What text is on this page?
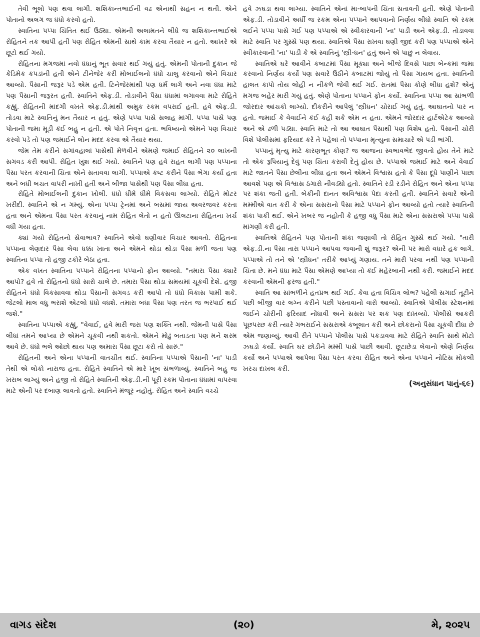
તેવી ભૂલો પણ થવા લાગી. શશિકાન્તભાઈની વઢ એનાથી સહન ન થતી. એને પોતાનો અલગ જ ધંધો કરવો હતો.

સ્વાતિના પપ્પા ચિંતિત થઈ ઉઠ્યા. એમની અલામતને લીધે જ શશિકાન્તભાઈએ રોહિતને તક આપી હતી પણ રોહિત એમની સાથે કામ કરવા તૈયાર ન હતો. આખરે એ છૂટો થઈ ગયો.

રોહિતના મગજમાં નવો ધંધાનું ભૂત સવાર થઈ ગયું હતું. એમની પોતાની દુકાન જે કેડિમેક કપડાંની હતી એને ટીનેજેર કરી મોબાઈલનો ધંધો ચાલુ કરવાનો એને વિચાર આવ્યો. પૈસાની જરૂર પડે એમ હતી. ટિનેજેરમાંથી પણ ધર્મ લાગે અને નવા ધંધા માટે પણ પૈસાની જરૂરત હતી. સ્વાતિને એફ.ડી. તોડાવીને પૈસા ધંધામાં લગાવવા માટે રોહિતે કહ્યું. રોહિતની માંદગી વખતે એફ.ડી.માંથી અમુક રકમ વપરાઈ હતી. હવે એફ.ડી. તોડવા માટે સ્વાતિનું મન તૈયાર ન હતું. એણે પપ્પા પાસે સલાહ માંગી. પપ્પા પાસે પણ પોતાની જમા મૂડી કંઈ બહુ ન હતી. એ પોતે નિવૃત્ત હતા. ભવિષ્યનો એમને પણ વિચાર કરવો પડે તો પણ જમાઈને લોન મદદ કરવા એ તૈયાર થયા.

જેમ તેમ કરીને સગાંવહાલાં પાસેથી મેળવીને એમણે જમાઈ રોહિતને ૨૦ લાખની સગવડ કરી આપી. રોહિત ખુશ થઈ ગયો. સ્વાતિને પણ હવે રાહત લાગી પણ પપ્પાના પૈસા પરત કરવાની ચિંતા એને સતાવવા લાગી. પપ્પાએ કષ્ટ કરીને પૈસા ભેગા કર્યા હતા અને બધી બચત વાપરી નાખી હતી અને બીજા પાસેથી પણ પૈસા લીધા હતા.

રોહિતે મોબાઈલની દુકાન ખોલી. ધંધો ધીમે ધીમે વિકસવા લાગ્યો. રોહિતે મોટર ખરીદી. સ્વાતિને એ ન ગમ્યું. એના પપ્પા ટ્રેનમાં અને બસમાં જાય અવરજવર કરતા હતા અને એમના પૈસા પરત કરવાનું નામ રોહિત લેતો ન હતો ઊલટાના રોહિતના ખર્ચ વધી ગયા હતા.

ક્યાં ગયો રોહિતનો સેવાભાવ? સ્વાતિને એવો ઘણીવાર વિચાર આવતો. રોહિતના પપ્પાના લેણદાર પૈસા લેવા ધક્કા ખાતા અને એમને થોડા થોડા પૈસા મળી જતા પણ સ્વાતિના પપ્પા તો હજી ટકોરે બેઠા હતા.

એક વખત સ્વાતિના પપ્પાને રોહિતના પપ્પાનો ફોન આવ્યો. "તમારા પૈસા ક્યારે આપો? હવે તો રોહિતનો ધંધો સારો ચાલે છે. તમારા પૈસા થોડા સમયમાં ચૂકવી દેશે. હજી રોહિતને ધંધો વિકસાવવા થોડા પૈસાની સગવડ કરી આપો તો ધંધો વિકાસ પામી શકે. જેટલો માલ વધુ ભરાશે એટલો ધંધો વધશે. તમારા બધા પૈસા પણ તરત જ ભરપાઈ થઈ જશે."

સ્વાતિના પપ્પાએ કહ્યું, "વેવાઈ, હવે મારી જરા પણ શક્તિ નથી. જેમની પાસે પૈસા લીધાં તમને આપ્યા છે એમને ચૂકવી નથી શકતો. એમને મોઢું બતાડતા પણ મને શરમ આવે છે. ધંધો ભલે ઓછો થાય પણ અમારા પૈસા છૂટા કરો તો સારું."

રોહિતની અને એના પપ્પાની વાતચીત થઈ. સ્વાતિના પપ્પાએ પૈસાની 'ના' પાડી તેથી એ લોકો નારાજ હતા. રોહિતે સ્વાતિને એ મારે ખૂબ સંભળાવ્યું. સ્વાતિને બહુ જ ખરાબ લાગ્યું અને હજી તો રોહિતે સ્વાતિની એફ.ડી.ની પૂરી રકમ પોતાના ધંધામાં વાપરવા માટે એની પર દબાણ લાવતો હતો. સ્વાતિને મંજૂર નહોતું. રોહિત અને સ્વાતિ વચ્ચે

હવે ઝઘડા થવા લાગ્યા. સ્વાતિને એનાં મા-બાપની ચિંતા સતાવતી હતી. એણે પોતાની એફ.ડી. તોડાવીને અર્ધી જ રકમ એના પપ્પાને આપવાનો નિર્ણય લીધો સ્વાતિ એ રકમ લઈને પપ્પા પાસે ગઈ પણ પપ્પાએ એ સ્વીકારવાની 'ના' પાડી અને એફ.ડી. તોડાવવા માટે સ્વાતિ પર ગુસ્સે પણ થયા. સ્વાતિએ પૈસા રાખવા ઘણી જીદ કરી પણ પપ્પાએ એને સ્વીકારવાની 'ના' પાડી કે એ સ્વાતિનું 'સ્ત્રી-ધન' હતું અને એ પાછું ન લેવાય.

સ્વાતિએ ઘરે આવીને કબાટમાં પૈસા મૂક્યા અને બીજે દિવસે પાછા બેન્કમાં જમા કરવાનો નિર્ણય કર્યો પણ સવારે ઉઠીને કબાટમાં જોયું તો પૈસા ગાયબ હતા. સ્વાતિની હાલત કાપો તોય લોહી ન નીકળે જેવી થઈ ગઈ. રાતમાં પૈસા કોણે લીધા હશે? એનું મગજ બહેર મારી ગયું હતું. એણે પોતાના પપ્પાને ફોન કર્યો. સ્વાતિના પપ્પા આ સાંભળી જોરદાર આંચકો લાગ્યો. દીકરીને આપેલું 'સ્ત્રીધન' ચોરાઈ ગયું હતું. આઘાતનો પાર ન હતો. જમાઈ કે વેવાઈને કંઈ કહી શકે એમ ન હતા. એમને જોરદાર હાર્ટએટેક આવ્યો અને એ ઢળી પડ્યા. સ્વાતિ માટે તો આ આઘાત પૈસાથી પણ વિશેષ હતો. પૈસાની ચોરી વિશે પોલીસમાં ફરિયાદ કરે તે પહેલાં તો પપ્પાના મૃત્યુના સમાચારે એ પડી ભાંગી.

પપ્પાનું મૃત્યુ માટે કારણભૂત કોણ? જ આજના સ્વભાવભેદ જીવતો હોય તેને માટે તો એક રૂપિયાનું દેવું પણ ચિંતા કરાવી દેતું હોય છે. પપ્પાએ જમાઈ માટે અને વેવાઈ માટે જાતને પૈસા છેલીના લીધા હતા અને એમને વિશ્વાસ હતો કે પૈસા દૂધે પાણીને પાછા આવશે પણ એ વિશ્વાસ ઠગારો નીવડ્યો હતો. સ્વાતિને રડી રડીને રોહિત અને એના પપ્પા પર શંકા જતી હતી. બેકીની દાનત અવિશ્વાસ પેદા કરતી હતી. સ્વાતિને સવારે એની મમ્મીએ વાત કરી કે એના સસરાનો પૈસા માટે પપ્પાને ફોન આવ્યો હતો ત્યારે સ્વાતિની શંકા પાકી થઈ. એને ખબર જ નહોતી કે હજી વધુ પૈસા માટે એના સસરાએ પપ્પા પાસે માંગણી કરી હતી.

સ્વાતિએ રોહિતને પણ પોતાની શંકા જણાવી તો રોહિત ગુસ્સે થઈ ગયો. "તારી એફ.ડી.ના પૈસા તારા પપ્પાને આપવા જવાની શું જરૂર? એની પર મારો વધારે હક લાગે. પપ્પાએ તો તને એ 'સ્ત્રીધન' તરીકે આપ્યું ગણાય. તને મારી પરવા નથી પણ પપ્પાની ચિંતા છે. મને ધંધા માટે પૈસા એમણે આપ્યા તો કંઈ મહેરબાની નથી કરી. જમાઈને મદદ કરવાની એમની ફરજ હતી."

સ્વાતિ આ સાંભળીને હતપ્રભ થઈ ગઈ. કેવા હતા વિચિત્ર લોભ? પહેલી સગાઈ તૂટીને પછી બીજી વાર લગ્ન કરીને પછી પસ્તાવાનો વારો આવ્યો. સ્વાતિએ પોલીસ સ્ટેશનમાં જઈને ચોરીની ફરિયાદ નોંધાવી અને સસરા પર શક પણ દાખવ્યો. પોલીસે આકરી પૂછપરછ કરી ત્યારે ગભરાઈને સસરાએ કબૂલાત કરી અને છોકરાનો પૈસા ચૂકવી દીધા છે એમ જણાવ્યું. આવી રીતે પપ્પાને પોલીસ પાસે પકડાવવા માટે રોહિતે સ્વાતિ સાથે મોટો ઝઘડો કર્યો. સ્વાતિ ઘર છોડીને મમ્મી પાસે પાછી આવી. છૂટાછેડા લેવાનો એણે નિર્ણય કર્યો અને પપ્પાએ આપેલા પૈસા પરત કરવા રોહિત અને એના પપ્પાને નોટિસ મોકલી ખરચ દાખલ કરી.

(અનુસંધાન પાનું-૬૯)
વાગડ સંદેશ	(૨૦)	મે, ૨૦૨૫
